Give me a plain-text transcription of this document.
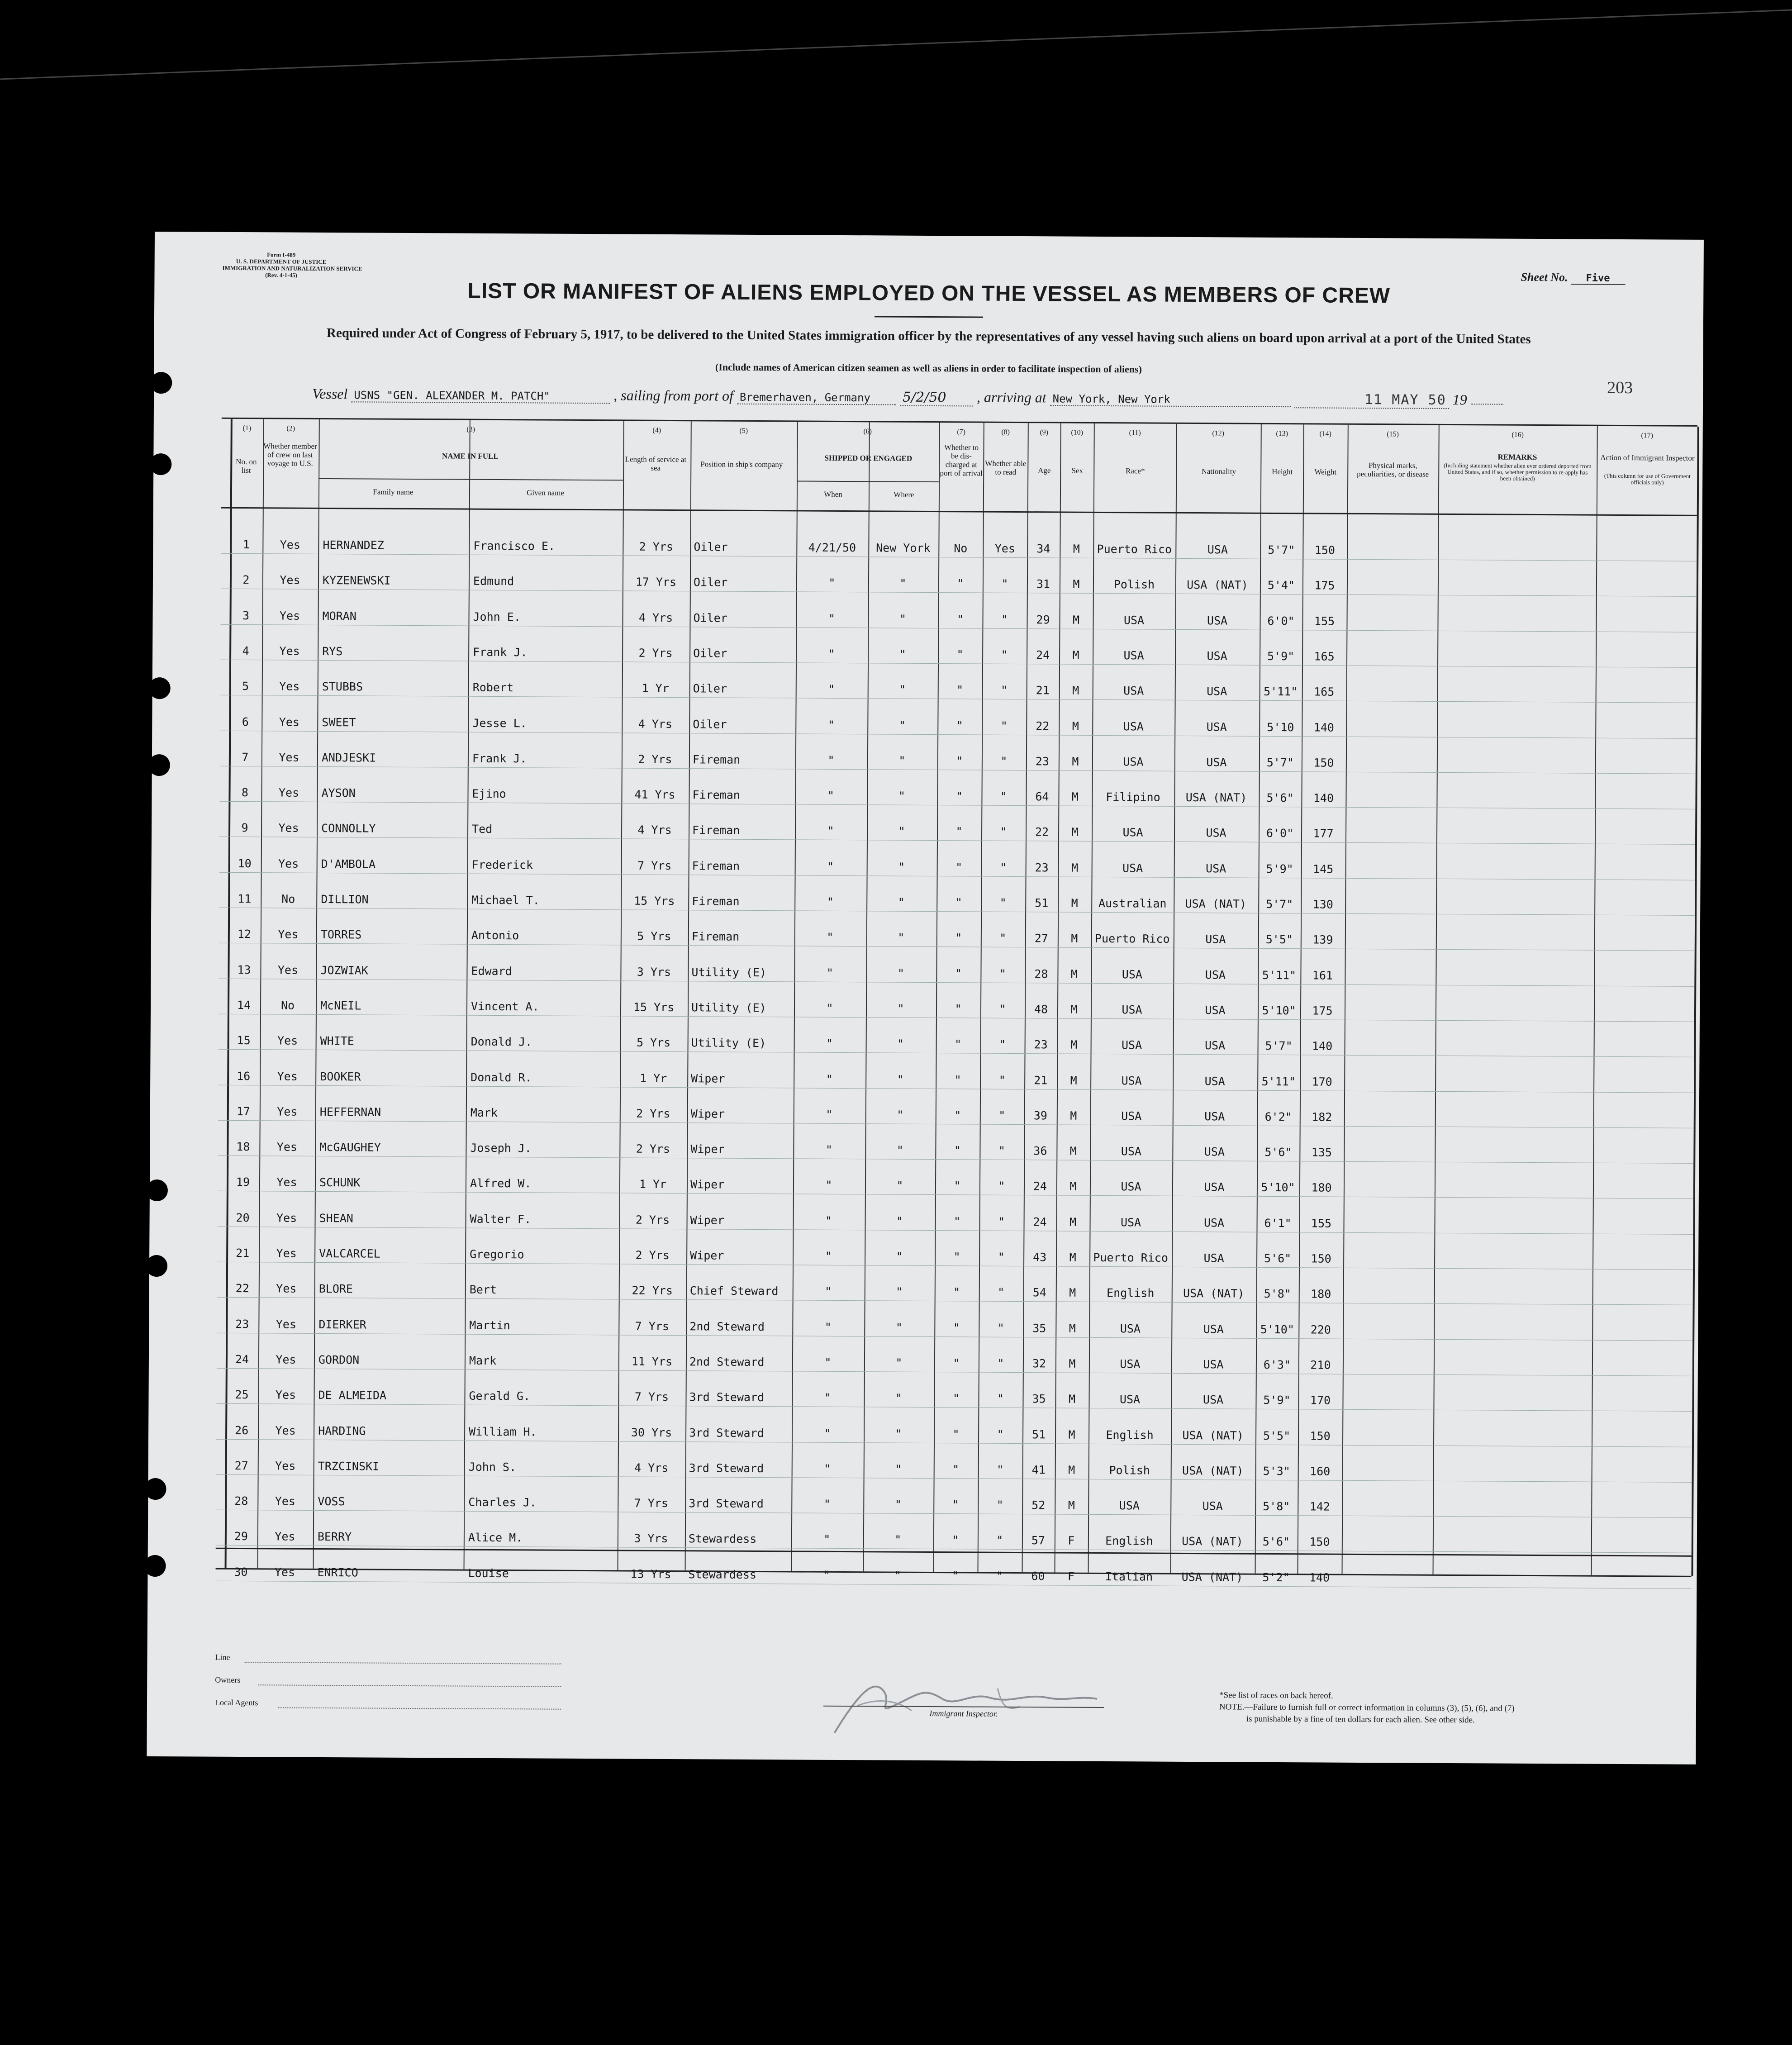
Form I-489
U. S. DEPARTMENT OF JUSTICE
IMMIGRATION AND NATURALIZATION SERVICE
(Rev. 4-1-45)	Sheet No. Five
LIST OR MANIFEST OF ALIENS EMPLOYED ON THE VESSEL AS MEMBERS OF CREW
Required under Act of Congress of February 5, 1917, to be delivered to the United States immigration officer by the representatives of any vessel having such aliens on board upon arrival at a port of the United States
(Include names of American citizen seamen as well as aliens in order to facilitate inspection of aliens)
Vessel USNS "GEN. ALEXANDER M. PATCH"	, sailing from port of Bremerhaven, Germany 5/2/50 , arriving at New York, New York	11 MAY 50 19
203
No. on list
Whether member of crew on last voyage to U.S.
NAME IN FULL
Family name	Given name
Length of service at sea	Position in ship's company
SHIPPED OR ENGAGED
When	Where
Whether to be dis-charged at port of arrival
Whether able to read	Age	Sex	Race*	Nationality	Height	Weight
Physical marks, peculiarities, or disease
REMARKS
(Including statement whether alien ever ordered deported from United States, and if so, whether permission to re-apply has been obtained)
Action of Immigrant Inspector
(This column for use of Government officials only)
(1)	(2)	(3)	(4)	(5)	(6)	(7)	(8)	(9)	(10)	(11)	(12)	(13)	(14)	(15)	(16)	(17)
1	Yes	HERNANDEZ	Francisco E.	2 Yrs	Oiler	4/21/50	New York	No	Yes	34	M	Puerto Rico	USA	5'7"	150
2	Yes	KYZENEWSKI	Edmund	17 Yrs	Oiler	"	"	"	"	31	M	Polish	USA (NAT)	5'4"	175
3	Yes	MORAN	John E.	4 Yrs	Oiler	"	"	"	"	29	M	USA	USA	6'0"	155
4	Yes	RYS	Frank J.	2 Yrs	Oiler	"	"	"	"	24	M	USA	USA	5'9"	165
5	Yes	STUBBS	Robert	1 Yr	Oiler	"	"	"	"	21	M	USA	USA	5'11"	165
6	Yes	SWEET	Jesse L.	4 Yrs	Oiler	"	"	"	"	22	M	USA	USA	5'10	140
7	Yes	ANDJESKI	Frank J.	2 Yrs	Fireman	"	"	"	"	23	M	USA	USA	5'7"	150
8	Yes	AYSON	Ejino	41 Yrs	Fireman	"	"	"	"	64	M	Filipino	USA (NAT)	5'6"	140
9	Yes	CONNOLLY	Ted	4 Yrs	Fireman	"	"	"	"	22	M	USA	USA	6'0"	177
10	Yes	D'AMBOLA	Frederick	7 Yrs	Fireman	"	"	"	"	23	M	USA	USA	5'9"	145
11	No	DILLION	Michael T.	15 Yrs	Fireman	"	"	"	"	51	M	Australian	USA (NAT)	5'7"	130
12	Yes	TORRES	Antonio	5 Yrs	Fireman	"	"	"	"	27	M	Puerto Rico	USA	5'5"	139
13	Yes	JOZWIAK	Edward	3 Yrs	Utility (E)	"	"	"	"	28	M	USA	USA	5'11"	161
14	No	McNEIL	Vincent A.	15 Yrs	Utility (E)	"	"	"	"	48	M	USA	USA	5'10"	175
15	Yes	WHITE	Donald J.	5 Yrs	Utility (E)	"	"	"	"	23	M	USA	USA	5'7"	140
16	Yes	BOOKER	Donald R.	1 Yr	Wiper	"	"	"	"	21	M	USA	USA	5'11"	170
17	Yes	HEFFERNAN	Mark	2 Yrs	Wiper	"	"	"	"	39	M	USA	USA	6'2"	182
18	Yes	McGAUGHEY	Joseph J.	2 Yrs	Wiper	"	"	"	"	36	M	USA	USA	5'6"	135
19	Yes	SCHUNK	Alfred W.	1 Yr	Wiper	"	"	"	"	24	M	USA	USA	5'10"	180
20	Yes	SHEAN	Walter F.	2 Yrs	Wiper	"	"	"	"	24	M	USA	USA	6'1"	155
21	Yes	VALCARCEL	Gregorio	2 Yrs	Wiper	"	"	"	"	43	M	Puerto Rico	USA	5'6"	150
22	Yes	BLORE	Bert	22 Yrs	Chief Steward	"	"	"	"	54	M	English	USA (NAT)	5'8"	180
23	Yes	DIERKER	Martin	7 Yrs	2nd Steward	"	"	"	"	35	M	USA	USA	5'10"	220
24	Yes	GORDON	Mark	11 Yrs	2nd Steward	"	"	"	"	32	M	USA	USA	6'3"	210
25	Yes	DE ALMEIDA	Gerald G.	7 Yrs	3rd Steward	"	"	"	"	35	M	USA	USA	5'9"	170
26	Yes	HARDING	William H.	30 Yrs	3rd Steward	"	"	"	"	51	M	English	USA (NAT)	5'5"	150
27	Yes	TRZCINSKI	John S.	4 Yrs	3rd Steward	"	"	"	"	41	M	Polish	USA (NAT)	5'3"	160
28	Yes	VOSS	Charles J.	7 Yrs	3rd Steward	"	"	"	"	52	M	USA	USA	5'8"	142
29	Yes	BERRY	Alice M.	3 Yrs	Stewardess	"	"	"	"	57	F	English	USA (NAT)	5'6"	150
30	Yes	ENRICO	Louise	13 Yrs	Stewardess	"	"	"	"	60	F	Italian	USA (NAT)	5'2"	140
Line
Owners
Local Agents
Immigrant Inspector.
*See list of races on back hereof.
NOTE.—Failure to furnish full or correct information in columns (3), (5), (6), and (7)
is punishable by a fine of ten dollars for each alien. See other side.
